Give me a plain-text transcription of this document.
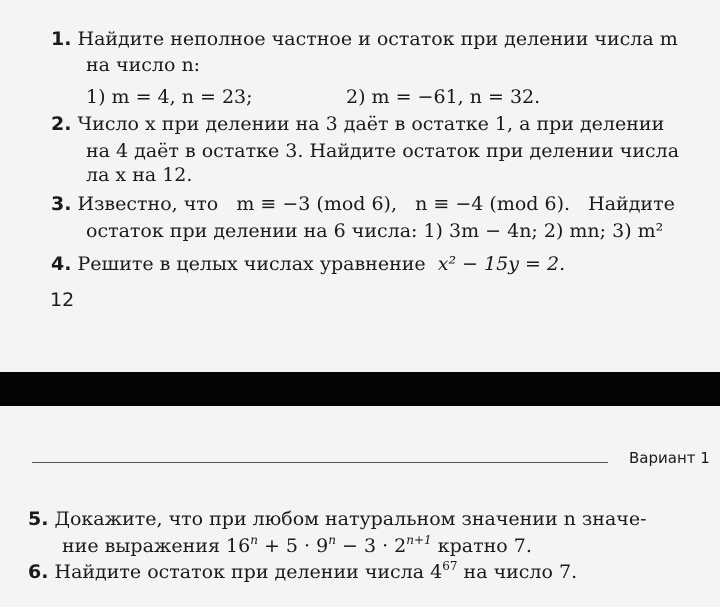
1. Найдите неполное частное и остаток при делении числа m
на число n:
1) m = 4, n = 23;	2) m = −61, n = 32.
2. Число x при делении на 3 даёт в остатке 1, а при делении
на 4 даёт в остатке 3. Найдите остаток при делении числа
ла x на 12.
3. Известно, что   m ≡ −3 (mod 6),   n ≡ −4 (mod 6).   Найдите
остаток при делении на 6 числа: 1) 3m − 4n; 2) mn; 3) m²
4. Решите в целых числах уравнение  x² − 15y = 2.
12
Вариант 1
5. Докажите, что при любом натуральном значении n значе-
ние выражения $16^n + 5 \cdot 9^n - 3 \cdot 2^{n+1}$ кратно 7.
6. Найдите остаток при делении числа $4^{67}$ на число 7.
